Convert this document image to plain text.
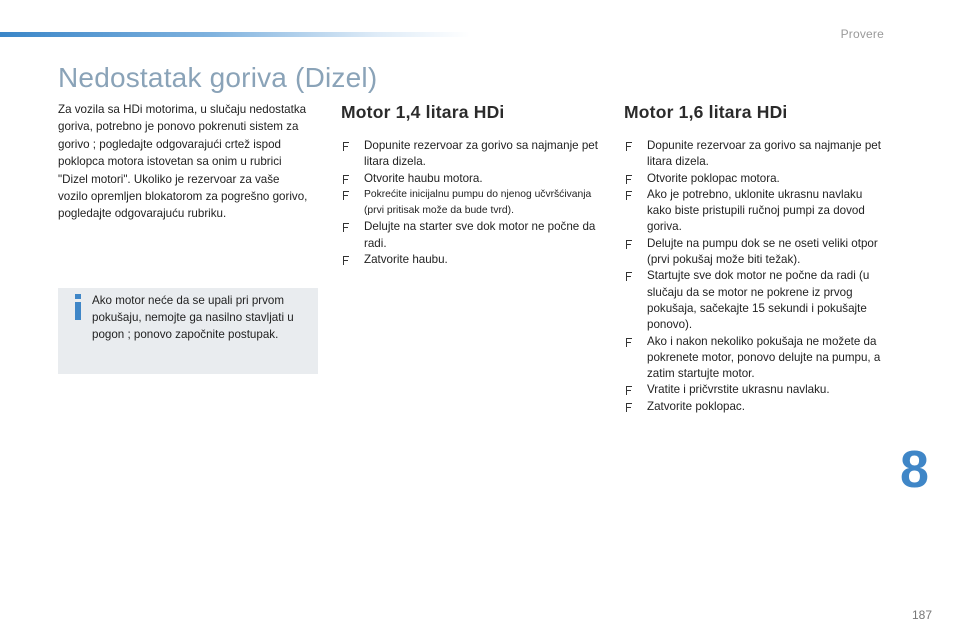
Provere
Nedostatak goriva (Dizel)
Za vozila sa HDi motorima, u slučaju nedostatka goriva, potrebno je ponovo pokrenuti sistem za gorivo ; pogledajte odgovarajući crtež ispod poklopca motora istovetan sa onim u rubrici "Dizel motori". Ukoliko je rezervoar za vaše vozilo opremljen blokatorom za pogrešno gorivo, pogledajte odgovarajuću rubriku.
Ako motor neće da se upali pri prvom pokušaju, nemojte ga nasilno stavljati u pogon ; ponovo započnite postupak.
Motor 1,4 litara HDi
Dopunite rezervoar za gorivo sa najmanje pet litara dizela.
Otvorite haubu motora.
Pokrećite inicijalnu pumpu do njenog učvršćivanja (prvi pritisak može da bude tvrd).
Delujte na starter sve dok motor ne počne da radi.
Zatvorite haubu.
Motor 1,6 litara HDi
Dopunite rezervoar za gorivo sa najmanje pet litara dizela.
Otvorite poklopac motora.
Ako je potrebno, uklonite ukrasnu navlaku kako biste pristupili ručnoj pumpi za dovod goriva.
Delujte na pumpu dok se ne oseti veliki otpor (prvi pokušaj može biti težak).
Startujte sve dok motor ne počne da radi (u slučaju da se motor ne pokrene iz prvog pokušaja, sačekajte 15 sekundi i pokušajte ponovo).
Ako i nakon nekoliko pokušaja ne možete da pokrenete motor, ponovo delujte na pumpu, a zatim startujte motor.
Vratite i pričvrstite ukrasnu navlaku.
Zatvorite poklopac.
8
187
